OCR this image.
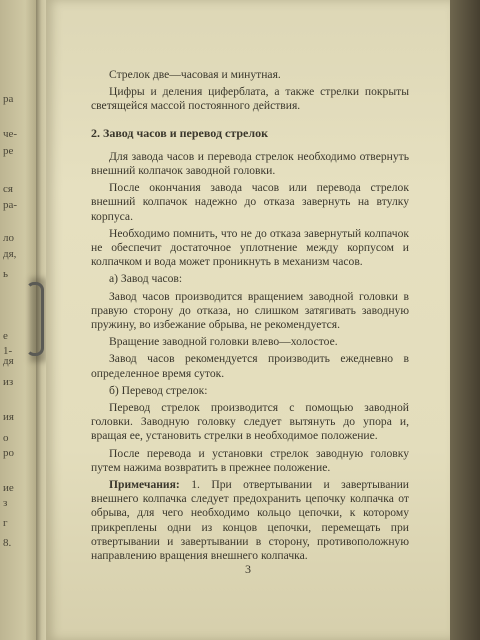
ра
че-
ре
ся
ра-
ло
дя,
ь
е
1-
дя
из
ия
о
ро
ие
з
г
8.

Стрелок две—часовая и минутная.

Цифры и деления циферблата, а также стрелки покрыты светящейся массой постоянного действия.

2. Завод часов и перевод стрелок

Для завода часов и перевода стрелок необходимо отвернуть внешний колпачок заводной головки.

После окончания завода часов или перевода стрелок внешний колпачок надежно до отказа завернуть на втулку корпуса.

Необходимо помнить, что не до отказа завернутый колпачок не обеспечит достаточное уплотнение между корпусом и колпачком и вода может проникнуть в механизм часов.

а) Завод часов:

Завод часов производится вращением заводной головки в правую сторону до отказа, но слишком затягивать заводную пружину, во избежание обрыва, не рекомендуется.

Вращение заводной головки влево—холостое.

Завод часов рекомендуется производить ежедневно в определенное время суток.

б) Перевод стрелок:

Перевод стрелок производится с помощью заводной головки. Заводную головку следует вытянуть до упора и, вращая ее, установить стрелки в необходимое положение.

После перевода и установки стрелок заводную головку путем нажима возвратить в прежнее положение.

Примечания: 1. При отвертывании и завертывании внешнего колпачка следует предохранить цепочку колпачка от обрыва, для чего необходимо кольцо цепочки, к которому прикреплены одни из концов цепочки, перемещать при отвертывании и завертывании в сторону, противоположную направлению вращения внешнего колпачка.

3
